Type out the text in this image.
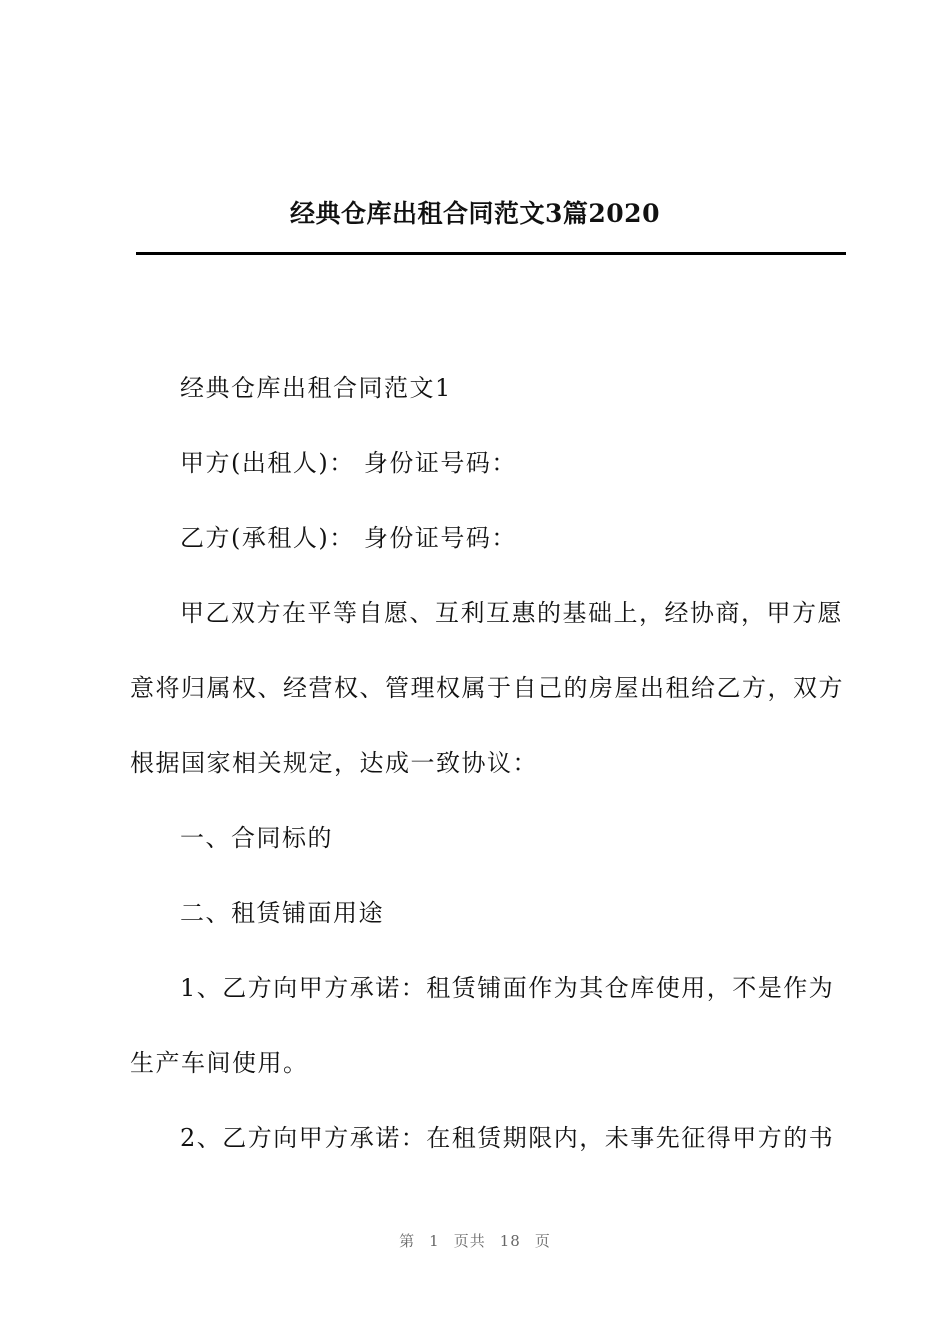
经典仓库出租合同范文3篇2020

经典仓库出租合同范文1

甲方(出租人)： 身份证号码：

乙方(承租人)： 身份证号码：

甲乙双方在平等自愿、互利互惠的基础上，经协商，甲方愿意将归属权、经营权、管理权属于自己的房屋出租给乙方，双方根据国家相关规定，达成一致协议：

一、合同标的

二、租赁铺面用途

1、乙方向甲方承诺：租赁铺面作为其仓库使用，不是作为生产车间使用。

2、乙方向甲方承诺：在租赁期限内，未事先征得甲方的书

第 1 页共 18 页
